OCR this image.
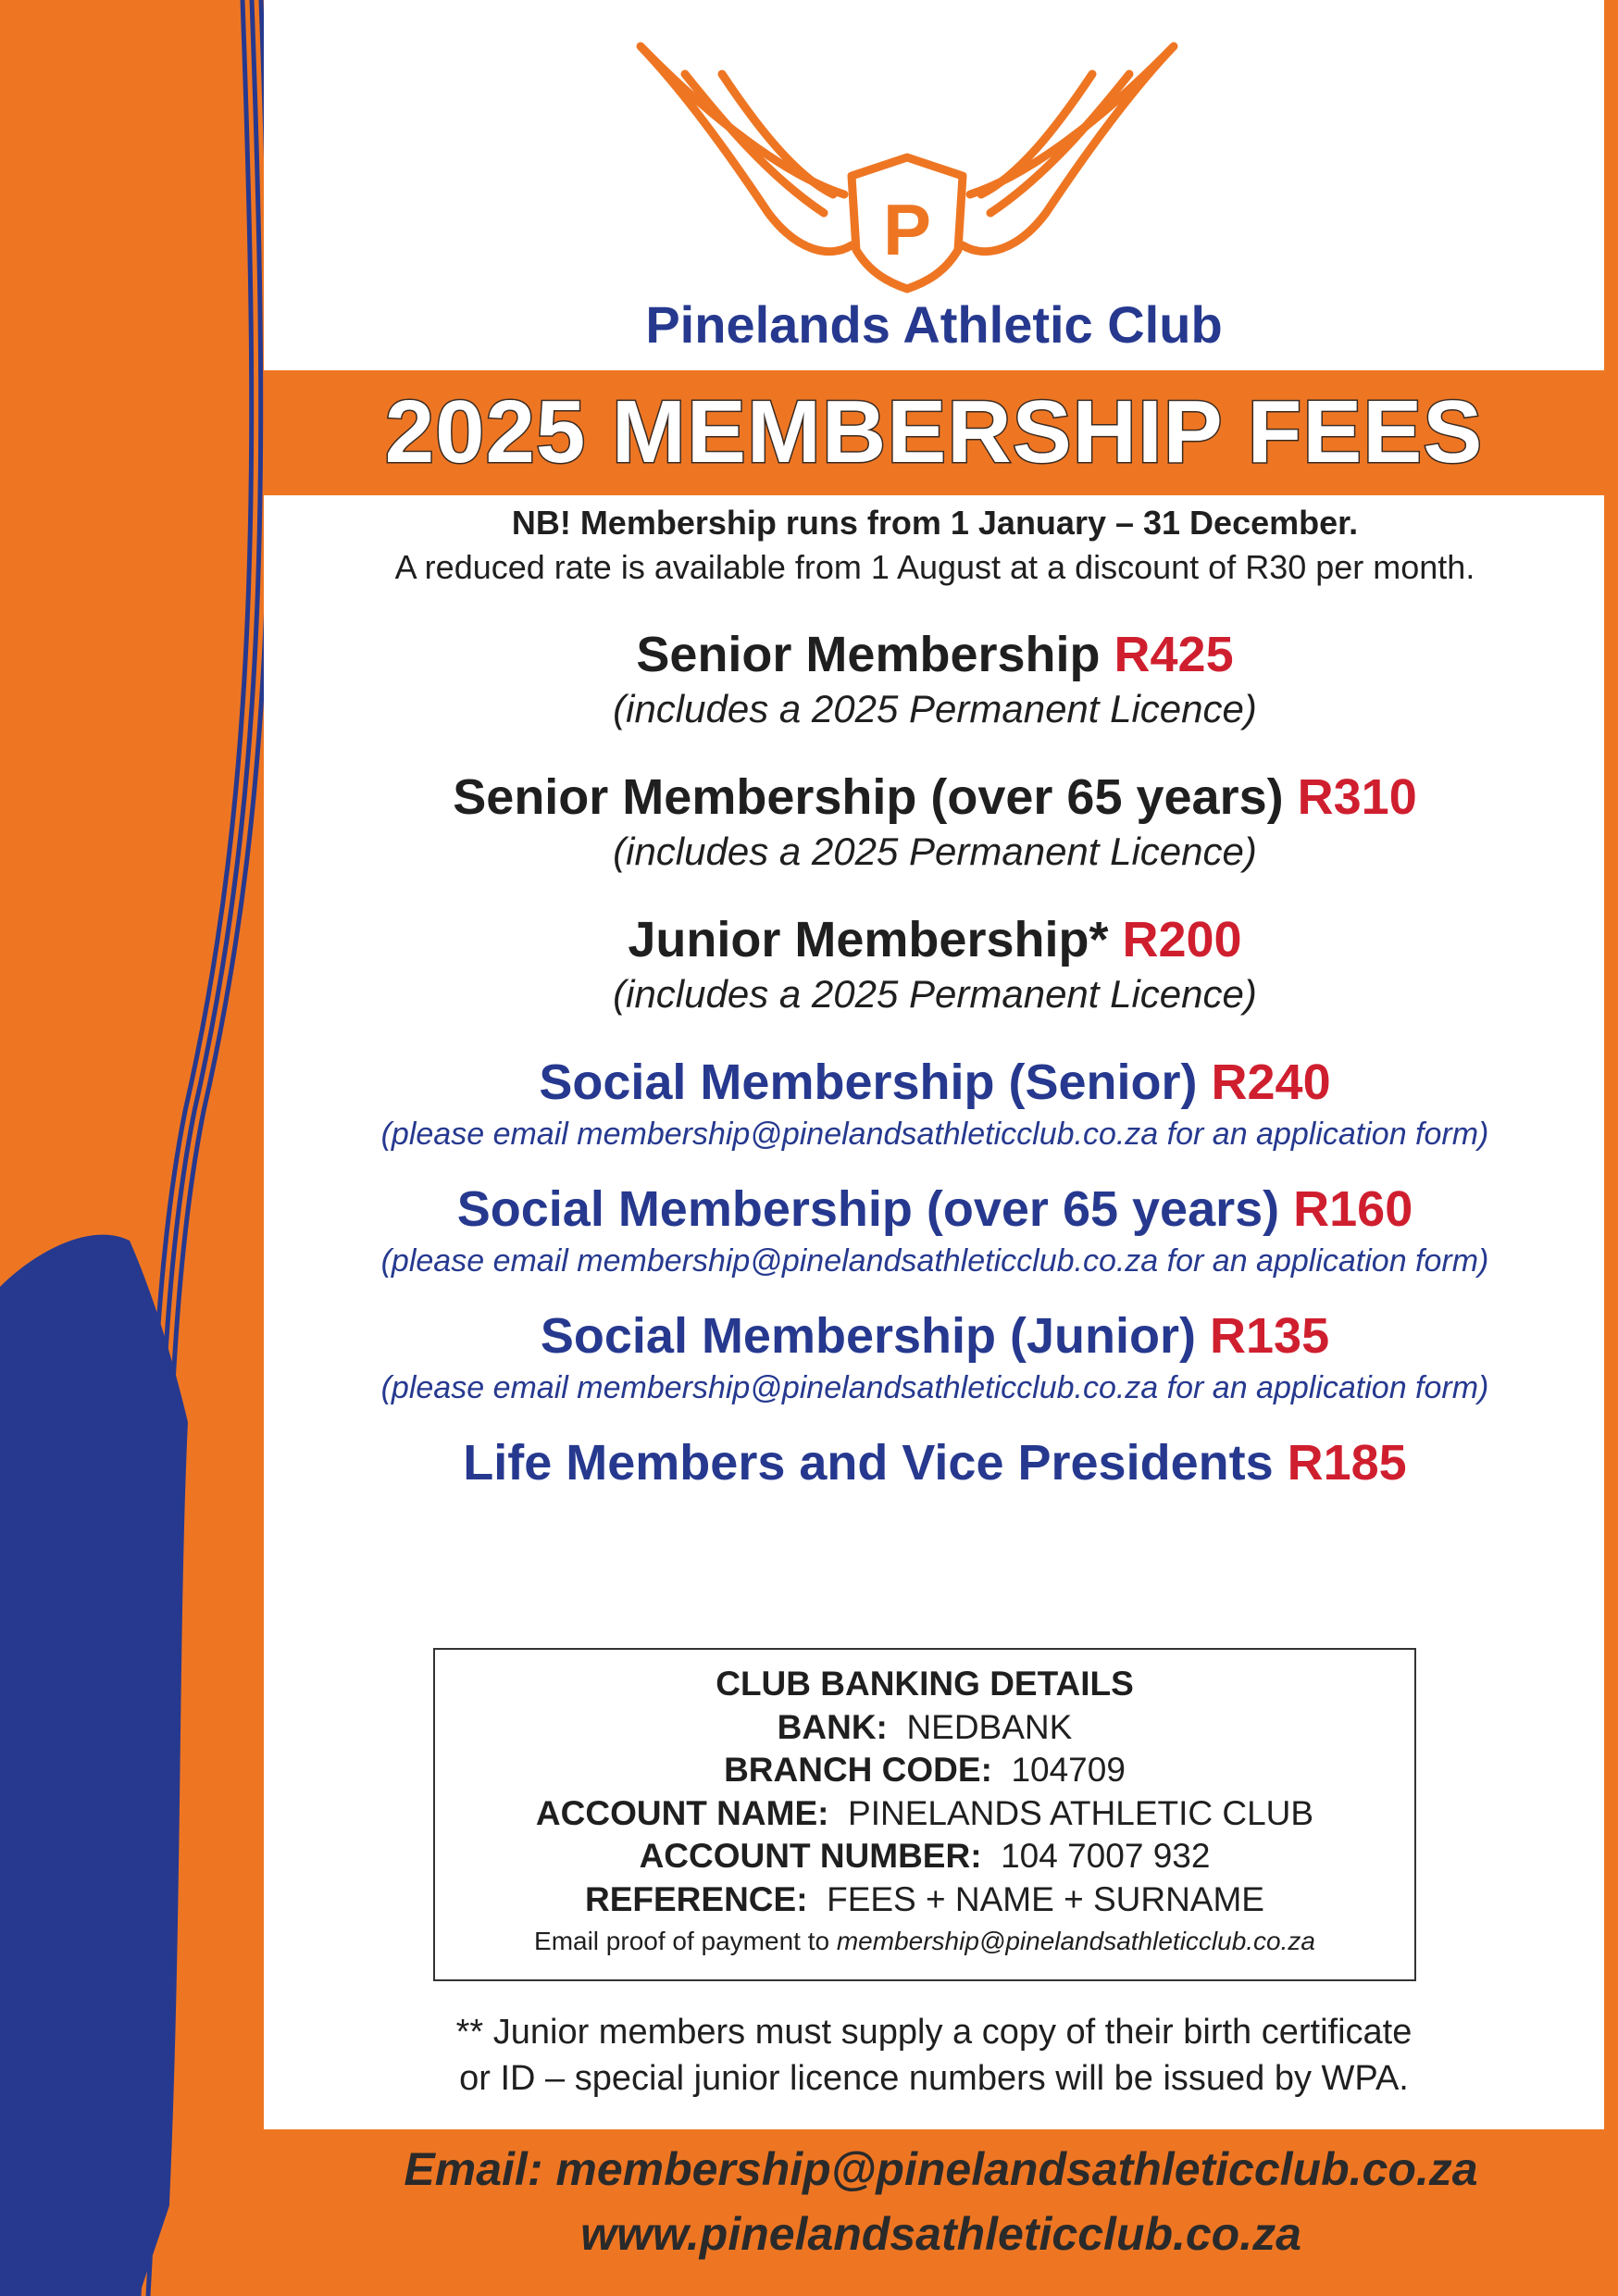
P
Pinelands Athletic Club
2025 MEMBERSHIP FEES
NB! Membership runs from 1 January – 31 December.
A reduced rate is available from 1 August at a discount of R30 per month.
Senior Membership R425
(includes a 2025 Permanent Licence)
Senior Membership (over 65 years) R310
(includes a 2025 Permanent Licence)
Junior Membership* R200
(includes a 2025 Permanent Licence)
Social Membership (Senior) R240
(please email membership@pinelandsathleticclub.co.za for an application form)
Social Membership (over 65 years) R160
(please email membership@pinelandsathleticclub.co.za for an application form)
Social Membership (Junior) R135
(please email membership@pinelandsathleticclub.co.za for an application form)
Life Members and Vice Presidents R185
CLUB BANKING DETAILS
BANK: NEDBANK
BRANCH CODE: 104709
ACCOUNT NAME: PINELANDS ATHLETIC CLUB
ACCOUNT NUMBER: 104 7007 932
REFERENCE: FEES + NAME + SURNAME
Email proof of payment to membership@pinelandsathleticclub.co.za
** Junior members must supply a copy of their birth certificate
or ID – special junior licence numbers will be issued by WPA.
Email: membership@pinelandsathleticclub.co.za
www.pinelandsathleticclub.co.za
